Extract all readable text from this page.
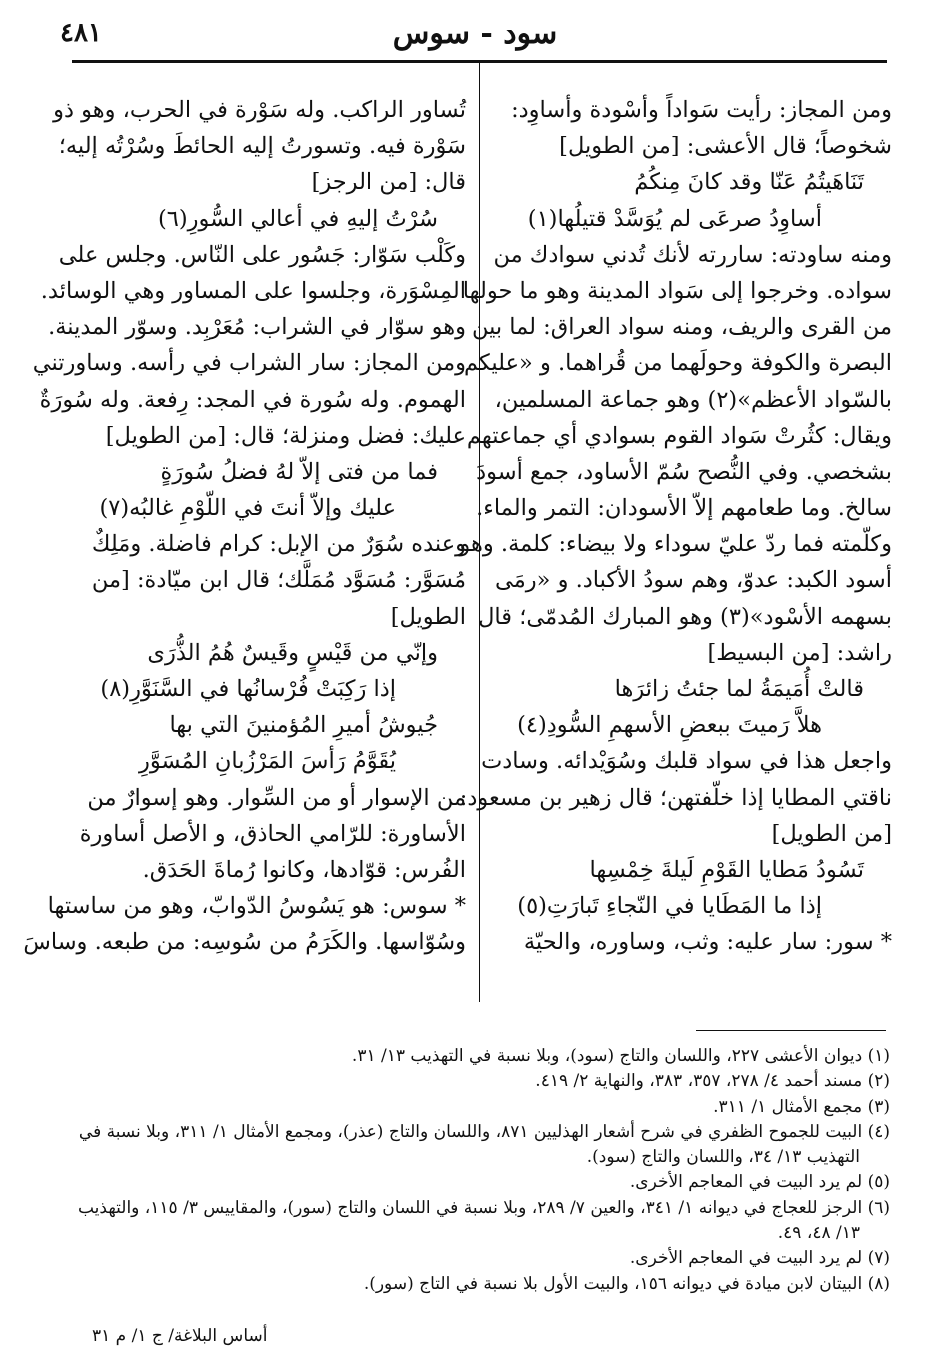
سود - سوس
٤٨١
ومن المجاز: رأيت سَواداً وأسْودة وأساوِد:
شخوصاً؛ قال الأعشى: [من الطويل]
تَنَاهَيتُمُ عَنّا وقد كانَ مِنكُمُ
أساوِدُ صرعَى لم يُوَسَّدْ قتيلُها(١)
ومنه ساودته: ساررته لأنك تُدني سوادك من
سواده. وخرجوا إلى سَواد المدينة وهو ما حولها
من القرى والريف، ومنه سواد العراق: لما بين
البصرة والكوفة وحولَهما من قُراهما. و «عليكم
بالسّواد الأعظم»(٢) وهو جماعة المسلمين،
ويقال: كثُرتْ سَواد القوم بسوادي أي جماعتهم
بشخصي. وفي النُّصح سُمّ الأساود، جمع أسودَ
سالخ. وما طعامهم إلاّ الأسودان: التمر والماء.
وكلّمته فما ردّ عليّ سوداء ولا بيضاء: كلمة. وهو
أسود الكبد: عدوّ، وهم سودُ الأكباد. و «رمَى
بسهمه الأسْود»(٣) وهو المبارك المُدمّى؛ قال
راشد: [من البسيط]
قالتْ أُمَيمَةُ لما جئتُ زائرَها
هلاَّ رَميتَ ببعضِ الأسهمِ السُّودِ(٤)
واجعل هذا في سواد قلبك وسُوَيْدائه. وسادت
ناقتي المطايا إذا خلّفتهن؛ قال زهير بن مسعود:
[من الطويل]
تَسُودُ مَطايا القَوْمِ لَيلةَ خِمْسِها
إذا ما المَطَايا في النّجاءِ تَبارَتِ(٥)
* سور: سار عليه: وثب، وساوره، والحيّة
تُساور الراكب. وله سَوْرة في الحرب، وهو ذو
سَوْرة فيه. وتسورتُ إليه الحائطَ وسُرْتُه إليه؛
قال: [من الرجز]
سُرْتُ إليهِ في أعالي السُّورِ(٦)
وكَلْب سَوّار: جَسُور على النّاس. وجلس على
المِسْوَرة، وجلسوا على المساور وهي الوسائد.
وهو سوّار في الشراب: مُعَرْبِد. وسوّر المدينة.
ومن المجاز: سار الشراب في رأسه. وساورتني
الهموم. وله سُورة في المجد: رِفعة. وله سُورَةٌ
عليك: فضل ومنزلة؛ قال: [من الطويل]
فما من فتى إلاّ لهُ فضلُ سُورَةٍ
عليك وإلاّ أنتَ في اللّوْمِ غالبُه(٧)
وعنده سُوَرٌ من الإبل: كرام فاضلة. ومَلِكٌ
مُسَوَّر: مُسَوَّد مُمَلَّك؛ قال ابن ميّادة: [من
الطويل]
وإنّي من قَيْسٍ وقَيسٌ هُمُ الذُّرَى
إذا رَكِبَتْ فُرْسانُها في السَّنَوَّرِ(٨)
جُيوشُ أميرِ المُؤمنينَ التي بها
يُقَوَّمُ رَأسَ المَرْزُبانِ المُسَوَّرِ
من الإسوار أو من السِّوار. وهو إسوارٌ من
الأساورة: للرّامي الحاذق، و الأصل أساورة
الفُرس: قوّادها، وكانوا رُماةَ الحَدَق.
* سوس: هو يَسُوسُ الدّوابّ، وهو من ساستها
وسُوّاسها. والكَرَمُ من سُوسِه: من طبعه. وساسَ
(١) ديوان الأعشى ٢٢٧، واللسان والتاج (سود)، وبلا نسبة في التهذيب ١٣/ ٣١.
(٢) مسند أحمد ٤/ ٢٧٨، ٣٥٧، ٣٨٣، والنهاية ٢/ ٤١٩.
(٣) مجمع الأمثال ١/ ٣١١.
(٤) البيت للجموح الظفري في شرح أشعار الهذليين ٨٧١، واللسان والتاج (عذر)، ومجمع الأمثال ١/ ٣١١، وبلا نسبة في
التهذيب ١٣/ ٣٤، واللسان والتاج (سود).
(٥) لم يرد البيت في المعاجم الأخرى.
(٦) الرجز للعجاج في ديوانه ١/ ٣٤١، والعين ٧/ ٢٨٩، وبلا نسبة في اللسان والتاج (سور)، والمقاييس ٣/ ١١٥، والتهذيب
١٣/ ٤٨، ٤٩.
(٧) لم يرد البيت في المعاجم الأخرى.
(٨) البيتان لابن ميادة في ديوانه ١٥٦، والبيت الأول بلا نسبة في التاج (سور).
أساس البلاغة/ ج ١/ م ٣١
